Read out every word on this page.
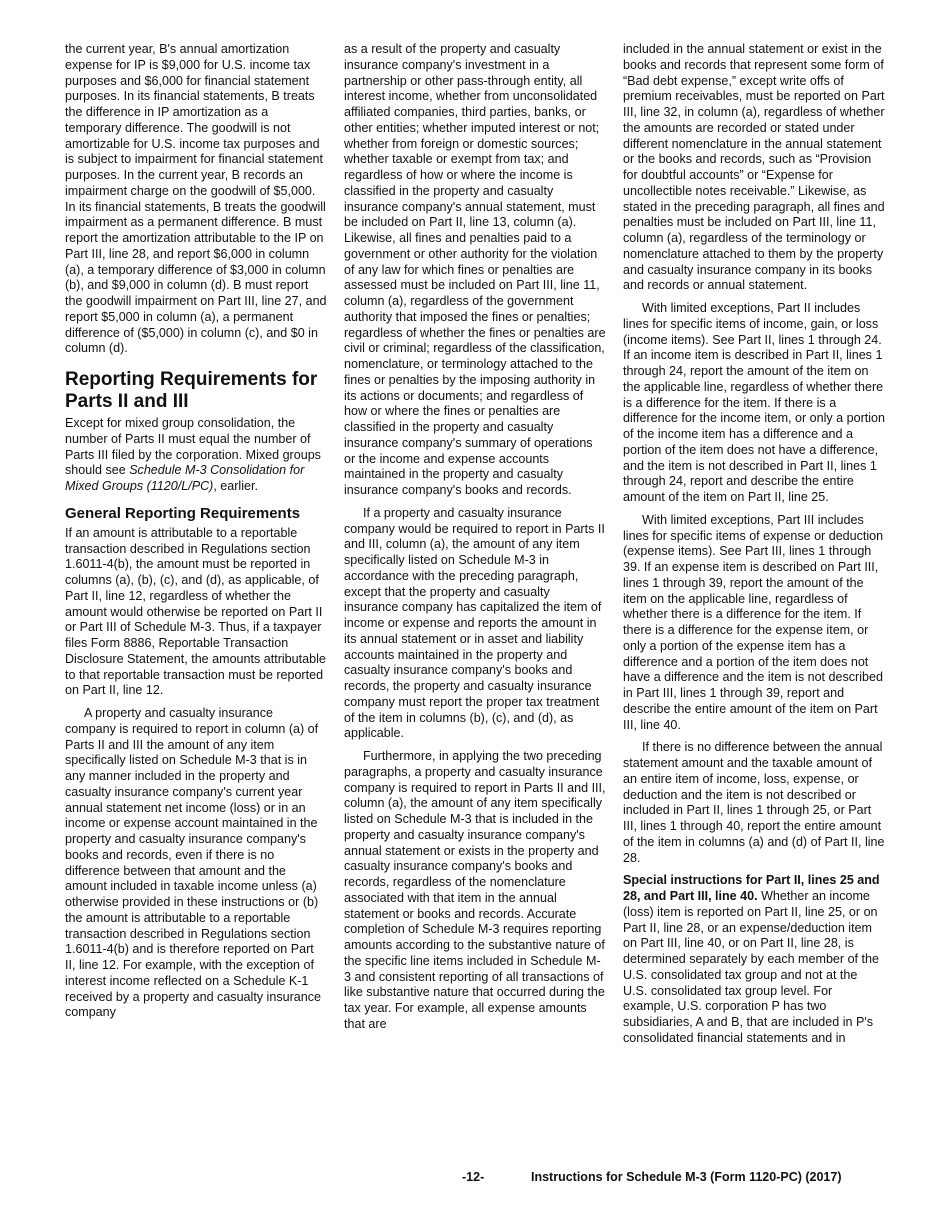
the current year, B's annual amortization expense for IP is $9,000 for U.S. income tax purposes and $6,000 for financial statement purposes. In its financial statements, B treats the difference in IP amortization as a temporary difference. The goodwill is not amortizable for U.S. income tax purposes and is subject to impairment for financial statement purposes. In the current year, B records an impairment charge on the goodwill of $5,000. In its financial statements, B treats the goodwill impairment as a permanent difference. B must report the amortization attributable to the IP on Part III, line 28, and report $6,000 in column (a), a temporary difference of $3,000 in column (b), and $9,000 in column (d). B must report the goodwill impairment on Part III, line 27, and report $5,000 in column (a), a permanent difference of ($5,000) in column (c), and $0 in column (d).

Reporting Requirements for Parts II and III

Except for mixed group consolidation, the number of Parts II must equal the number of Parts III filed by the corporation. Mixed groups should see Schedule M-3 Consolidation for Mixed Groups (1120/L/PC), earlier.

General Reporting Requirements

If an amount is attributable to a reportable transaction described in Regulations section 1.6011-4(b), the amount must be reported in columns (a), (b), (c), and (d), as applicable, of Part II, line 12, regardless of whether the amount would otherwise be reported on Part II or Part III of Schedule M-3. Thus, if a taxpayer files Form 8886, Reportable Transaction Disclosure Statement, the amounts attributable to that reportable transaction must be reported on Part II, line 12.

A property and casualty insurance company is required to report in column (a) of Parts II and III the amount of any item specifically listed on Schedule M-3 that is in any manner included in the property and casualty insurance company's current year annual statement net income (loss) or in an income or expense account maintained in the property and casualty insurance company's books and records, even if there is no difference between that amount and the amount included in taxable income unless (a) otherwise provided in these instructions or (b) the amount is attributable to a reportable transaction described in Regulations section 1.6011-4(b) and is therefore reported on Part II, line 12. For example, with the exception of interest income reflected on a Schedule K-1 received by a property and casualty insurance company

as a result of the property and casualty insurance company's investment in a partnership or other pass-through entity, all interest income, whether from unconsolidated affiliated companies, third parties, banks, or other entities; whether imputed interest or not; whether from foreign or domestic sources; whether taxable or exempt from tax; and regardless of how or where the income is classified in the property and casualty insurance company's annual statement, must be included on Part II, line 13, column (a). Likewise, all fines and penalties paid to a government or other authority for the violation of any law for which fines or penalties are assessed must be included on Part III, line 11, column (a), regardless of the government authority that imposed the fines or penalties; regardless of whether the fines or penalties are civil or criminal; regardless of the classification, nomenclature, or terminology attached to the fines or penalties by the imposing authority in its actions or documents; and regardless of how or where the fines or penalties are classified in the property and casualty insurance company's summary of operations or the income and expense accounts maintained in the property and casualty insurance company's books and records.

If a property and casualty insurance company would be required to report in Parts II and III, column (a), the amount of any item specifically listed on Schedule M-3 in accordance with the preceding paragraph, except that the property and casualty insurance company has capitalized the item of income or expense and reports the amount in its annual statement or in asset and liability accounts maintained in the property and casualty insurance company's books and records, the property and casualty insurance company must report the proper tax treatment of the item in columns (b), (c), and (d), as applicable.

Furthermore, in applying the two preceding paragraphs, a property and casualty insurance company is required to report in Parts II and III, column (a), the amount of any item specifically listed on Schedule M-3 that is included in the property and casualty insurance company's annual statement or exists in the property and casualty insurance company's books and records, regardless of the nomenclature associated with that item in the annual statement or books and records. Accurate completion of Schedule M-3 requires reporting amounts according to the substantive nature of the specific line items included in Schedule M-3 and consistent reporting of all transactions of like substantive nature that occurred during the tax year. For example, all expense amounts that are

included in the annual statement or exist in the books and records that represent some form of “Bad debt expense,” except write offs of premium receivables, must be reported on Part III, line 32, in column (a), regardless of whether the amounts are recorded or stated under different nomenclature in the annual statement or the books and records, such as “Provision for doubtful accounts” or “Expense for uncollectible notes receivable.” Likewise, as stated in the preceding paragraph, all fines and penalties must be included on Part III, line 11, column (a), regardless of the terminology or nomenclature attached to them by the property and casualty insurance company in its books and records or annual statement.

With limited exceptions, Part II includes lines for specific items of income, gain, or loss (income items). See Part II, lines 1 through 24. If an income item is described in Part II, lines 1 through 24, report the amount of the item on the applicable line, regardless of whether there is a difference for the item. If there is a difference for the income item, or only a portion of the income item has a difference and a portion of the item does not have a difference, and the item is not described in Part II, lines 1 through 24, report and describe the entire amount of the item on Part II, line 25.

With limited exceptions, Part III includes lines for specific items of expense or deduction (expense items). See Part III, lines 1 through 39. If an expense item is described on Part III, lines 1 through 39, report the amount of the item on the applicable line, regardless of whether there is a difference for the item. If there is a difference for the expense item, or only a portion of the expense item has a difference and a portion of the item does not have a difference and the item is not described in Part III, lines 1 through 39, report and describe the entire amount of the item on Part III, line 40.

If there is no difference between the annual statement amount and the taxable amount of an entire item of income, loss, expense, or deduction and the item is not described or included in Part II, lines 1 through 25, or Part III, lines 1 through 40, report the entire amount of the item in columns (a) and (d) of Part II, line 28.

Special instructions for Part II, lines 25 and 28, and Part III, line 40. Whether an income (loss) item is reported on Part II, line 25, or on Part II, line 28, or an expense/deduction item on Part III, line 40, or on Part II, line 28, is determined separately by each member of the U.S. consolidated tax group and not at the U.S. consolidated tax group level. For example, U.S. corporation P has two subsidiaries, A and B, that are included in P's consolidated financial statements and in

-12-	Instructions for Schedule M-3 (Form 1120-PC) (2017)
